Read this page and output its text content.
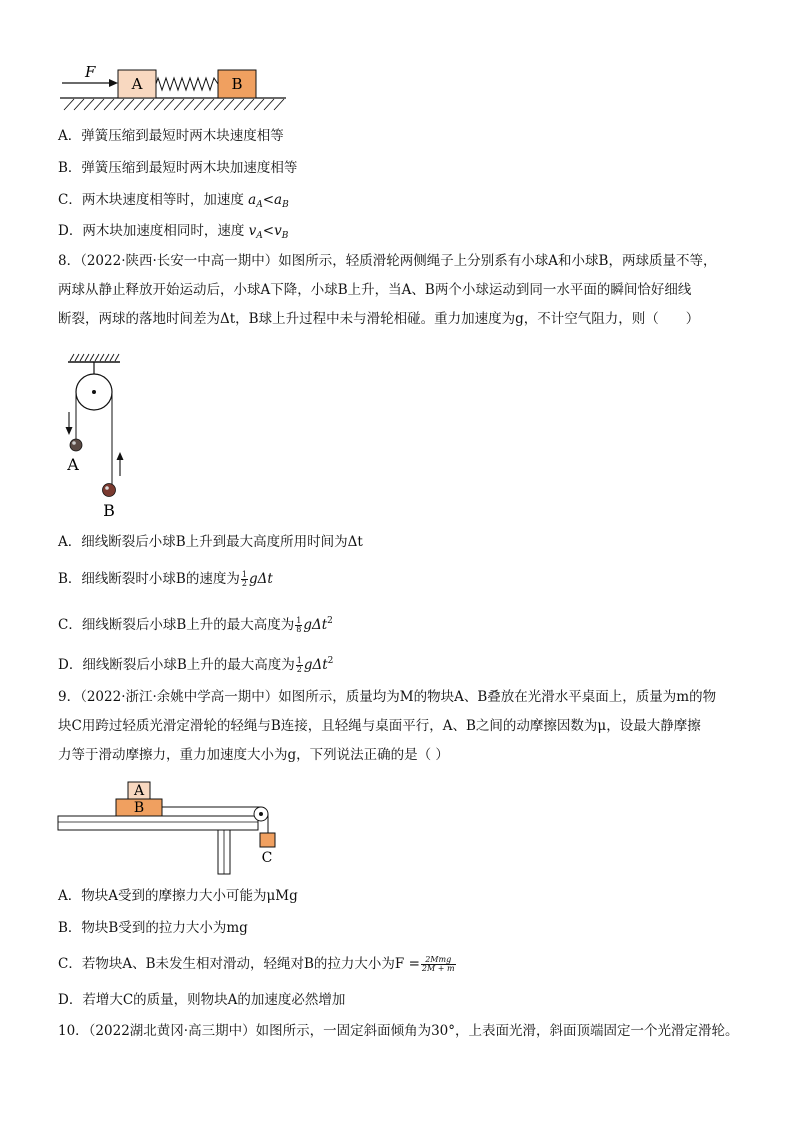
F
A	B
A．弹簧压缩到最短时两木块速度相等
B．弹簧压缩到最短时两木块加速度相等
C．两木块速度相等时，加速度 $a_A<a_B$
D．两木块加速度相同时，速度 $v_A<v_B$
8．（2022·陕西·长安一中高一期中）如图所示，轻质滑轮两侧绳子上分别系有小球A和小球B，两球质量不等，
两球从静止释放开始运动后，小球A下降，小球B上升，当A、B两个小球运动到同一水平面的瞬间恰好细线
断裂，两球的落地时间差为Δt，B球上升过程中未与滑轮相碰。重力加速度为g，不计空气阻力，则（　　）
A
B
A．细线断裂后小球B上升到最大高度所用时间为Δt
B．细线断裂时小球B的速度为 $\frac{1}{2}$ gΔt
C．细线断裂后小球B上升的最大高度为 $\frac{1}{8} g\Delta t^2$
D．细线断裂后小球B上升的最大高度为 $\frac{1}{2} g\Delta t^2$
9．（2022·浙江·余姚中学高一期中）如图所示，质量均为M的物块A、B叠放在光滑水平桌面上，质量为m的物
块C用跨过轻质光滑定滑轮的轻绳与B连接，且轻绳与桌面平行，A、B之间的动摩擦因数为μ，设最大静摩擦
力等于滑动摩擦力，重力加速度大小为g，下列说法正确的是（ ）
B
A
C
A．物块A受到的摩擦力大小可能为μMg
B．物块B受到的拉力大小为mg
C．若物块A、B未发生相对滑动，轻绳对B的拉力大小为$F = \frac{\text{2Mmg}}{2M + m}$
D．若增大C的质量，则物块A的加速度必然增加
10．（2022湖北黄冈·高三期中）如图所示，一固定斜面倾角为30°，上表面光滑，斜面顶端固定一个光滑定滑轮。
